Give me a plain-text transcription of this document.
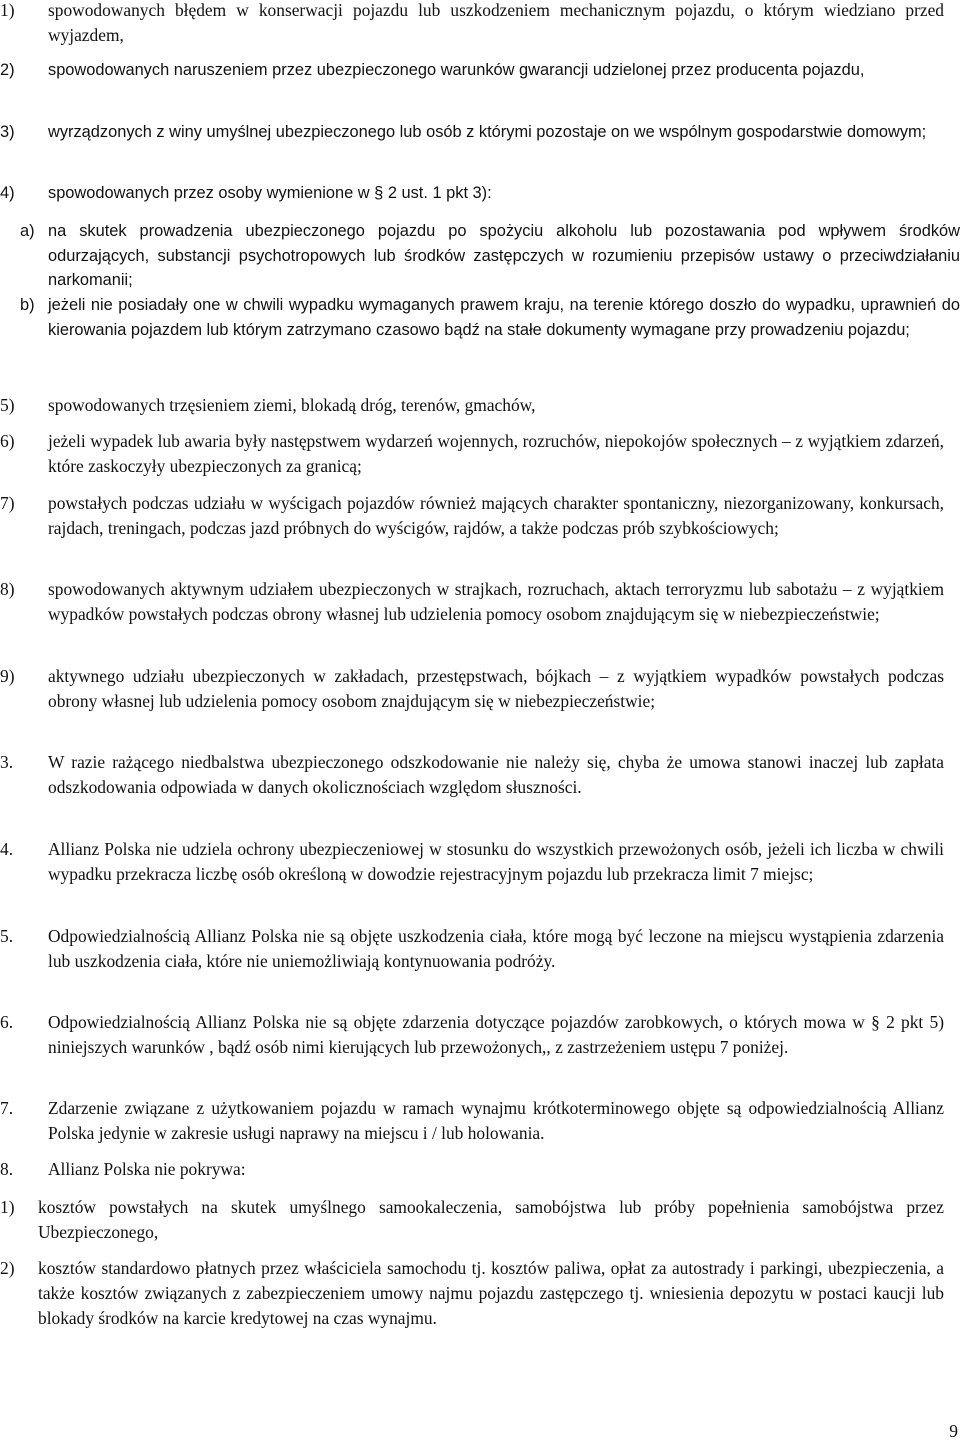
1) spowodowanych błędem w konserwacji pojazdu lub uszkodzeniem mechanicznym pojazdu, o którym wiedziano przed wyjazdem,
2) spowodowanych naruszeniem przez ubezpieczonego warunków gwarancji udzielonej przez producenta pojazdu,
3) wyrządzonych z winy umyślnej ubezpieczonego lub osób z którymi pozostaje on we wspólnym gospodarstwie domowym;
4) spowodowanych przez osoby wymienione w § 2 ust. 1 pkt 3):
a) na skutek prowadzenia ubezpieczonego pojazdu po spożyciu alkoholu lub pozostawania pod wpływem środków odurzających, substancji psychotropowych lub środków zastępczych w rozumieniu przepisów ustawy o przeciwdziałaniu narkomanii;
b) jeżeli nie posiadały one w chwili wypadku wymaganych prawem kraju, na terenie którego doszło do wypadku, uprawnień do kierowania pojazdem lub którym zatrzymano czasowo bądź na stałe dokumenty wymagane przy prowadzeniu pojazdu;
5) spowodowanych trzęsieniem ziemi, blokadą dróg, terenów, gmachów,
6) jeżeli wypadek lub awaria były następstwem wydarzeń wojennych, rozruchów, niepokojów społecznych – z wyjątkiem zdarzeń, które zaskoczyły ubezpieczonych za granicą;
7) powstałych podczas udziału w wyścigach pojazdów również mających charakter spontaniczny, niezorganizowany, konkursach, rajdach, treningach, podczas jazd próbnych do wyścigów, rajdów, a także podczas prób szybkościowych;
8) spowodowanych aktywnym udziałem ubezpieczonych w strajkach, rozruchach, aktach terroryzmu lub sabotażu – z wyjątkiem wypadków powstałych podczas obrony własnej lub udzielenia pomocy osobom znajdującym się w niebezpieczeństwie;
9) aktywnego udziału ubezpieczonych w zakładach, przestępstwach, bójkach – z wyjątkiem wypadków powstałych podczas obrony własnej lub udzielenia pomocy osobom znajdującym się w niebezpieczeństwie;
3. W razie rażącego niedbalstwa ubezpieczonego odszkodowanie nie należy się, chyba że umowa stanowi inaczej lub zapłata odszkodowania odpowiada w danych okolicznościach względom słuszności.
4. Allianz Polska nie udziela ochrony ubezpieczeniowej w stosunku do wszystkich przewożonych osób, jeżeli ich liczba w chwili wypadku przekracza liczbę osób określoną w dowodzie rejestracyjnym pojazdu lub przekracza limit 7 miejsc;
5. Odpowiedzialnością Allianz Polska nie są objęte uszkodzenia ciała, które mogą być leczone na miejscu wystąpienia zdarzenia lub uszkodzenia ciała, które nie uniemożliwiają kontynuowania podróży.
6. Odpowiedzialnością Allianz Polska nie są objęte zdarzenia dotyczące pojazdów zarobkowych, o których mowa w § 2 pkt 5) niniejszych warunków , bądź osób nimi kierujących lub przewożonych,, z zastrzeżeniem ustępu 7 poniżej.
7. Zdarzenie związane z użytkowaniem pojazdu w ramach wynajmu krótkoterminowego objęte są odpowiedzialnością Allianz Polska jedynie w zakresie usługi naprawy na miejscu i / lub holowania.
8. Allianz Polska nie pokrywa:
1) kosztów powstałych na skutek umyślnego samookaleczenia, samobójstwa lub próby popełnienia samobójstwa przez Ubezpieczonego,
2) kosztów standardowo płatnych przez właściciela samochodu tj. kosztów paliwa, opłat za autostrady i parkingi, ubezpieczenia, a także kosztów związanych z zabezpieczeniem umowy najmu pojazdu zastępczego tj. wniesienia depozytu w postaci kaucji lub blokady środków na karcie kredytowej na czas wynajmu.
9
